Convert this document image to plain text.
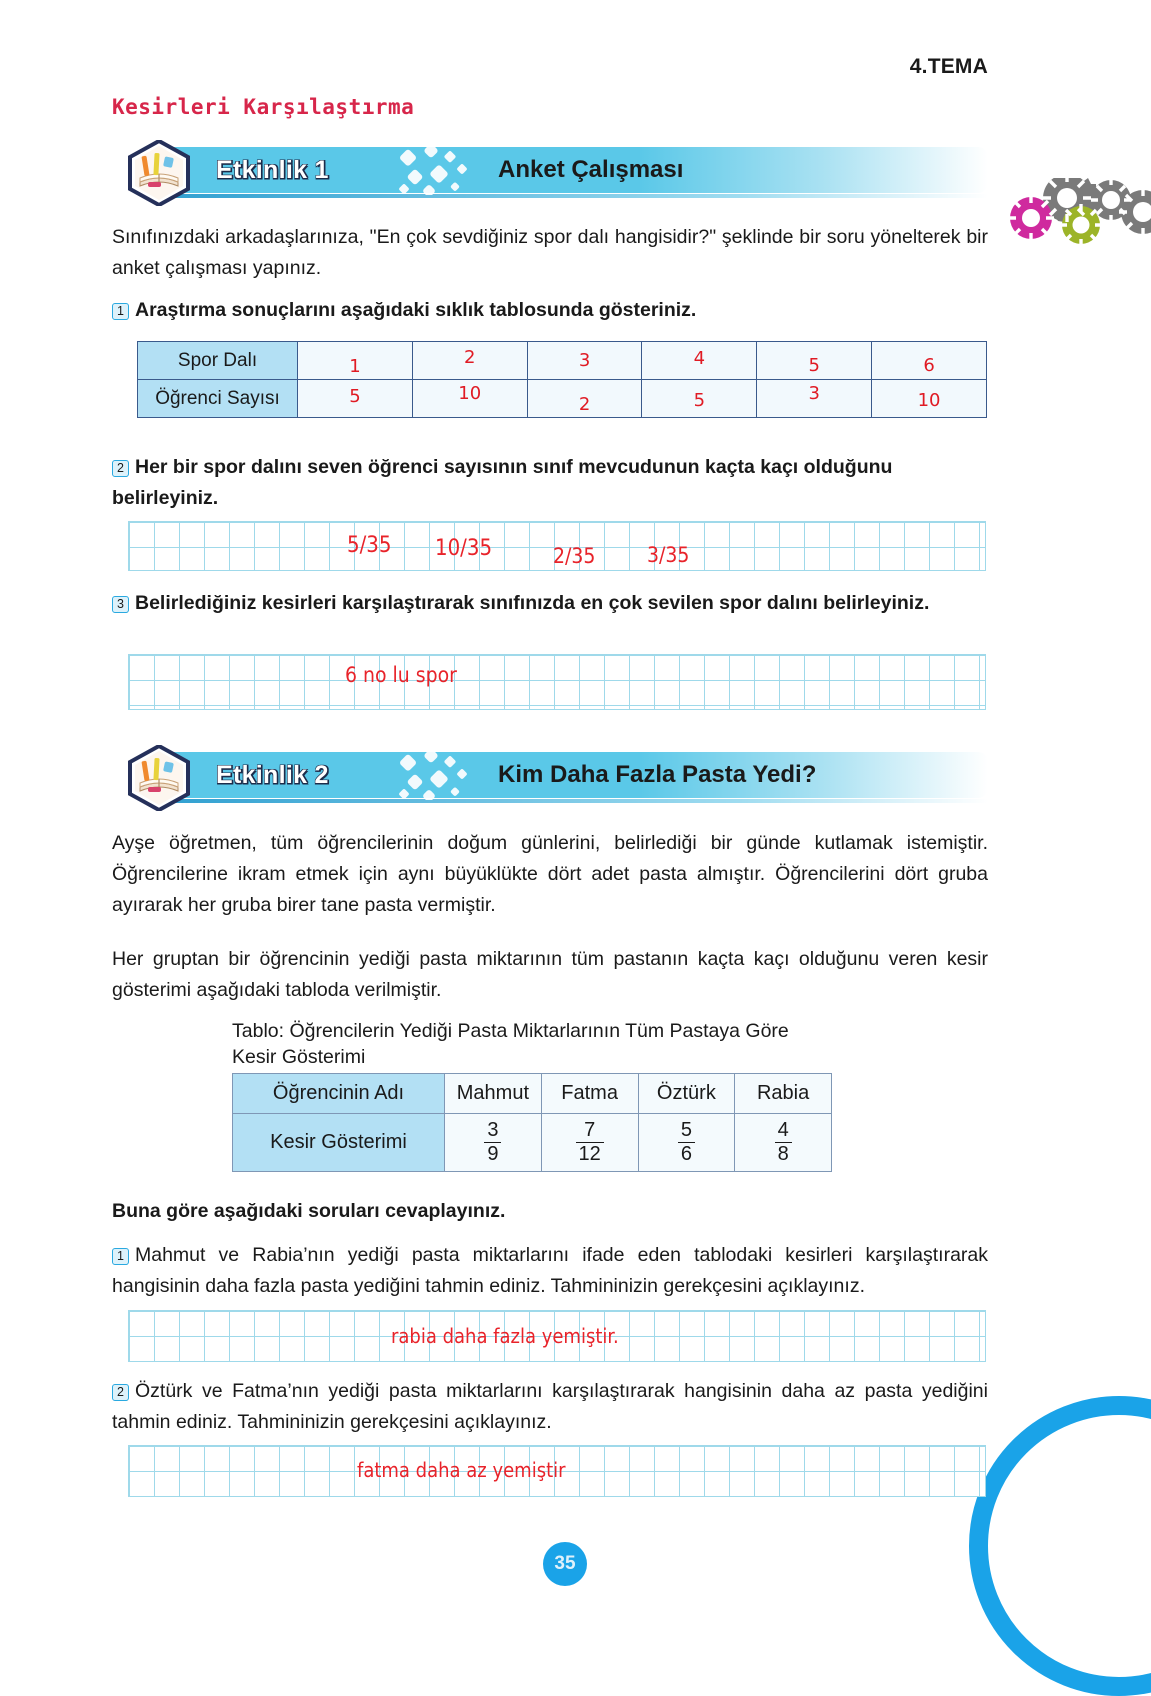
4.TEMA
Kesirleri Karşılaştırma
Etkinlik 1	Anket Çalışması
Sınıfınızdaki arkadaşlarınıza, "En çok sevdiğiniz spor dalı hangisidir?" şeklinde bir soru yönelterek bir anket çalışması yapınız.
1 Araştırma sonuçlarını aşağıdaki sıklık tablosunda gösteriniz.
Spor Dalı	1	2	3	4	5	6
Öğrenci Sayısı	5	10	2	5	3	10
2 Her bir spor dalını seven öğrenci sayısının sınıf mevcudunun kaçta kaçı olduğunu belirleyiniz.
5/35 10/35	2/35 3/35
3 Belirlediğiniz kesirleri karşılaştırarak sınıfınızda en çok sevilen spor dalını belirleyiniz.
6 no lu spor
Etkinlik 2	Kim Daha Fazla Pasta Yedi?
Ayşe öğretmen, tüm öğrencilerinin doğum günlerini, belirlediği bir günde kutlamak istemiştir. Öğrencilerine ikram etmek için aynı büyüklükte dört adet pasta almıştır. Öğrencilerini dört gruba ayırarak her gruba birer tane pasta vermiştir.
Her gruptan bir öğrencinin yediği pasta miktarının tüm pastanın kaçta kaçı olduğunu veren kesir gösterimi aşağıdaki tabloda verilmiştir.
Tablo: Öğrencilerin Yediği Pasta Miktarlarının Tüm Pastaya Göre Kesir Gösterimi
Öğrencinin Adı	Mahmut	Fatma	Öztürk	Rabia
Kesir Gösterimi	$\frac{3}{9}$	$\frac{7}{12}$	$\frac{5}{6}$	$\frac{4}{8}$
Buna göre aşağıdaki soruları cevaplayınız.
1 Mahmut ve Rabia’nın yediği pasta miktarlarını ifade eden tablodaki kesirleri karşılaştırarak hangisinin daha fazla pasta yediğini tahmin ediniz. Tahmininizin gerekçesini açıklayınız.
rabia daha fazla yemiştir.
2 Öztürk ve Fatma’nın yediği pasta miktarlarını karşılaştırarak hangisinin daha az pasta yediğini tahmin ediniz. Tahmininizin gerekçesini açıklayınız.
fatma daha az yemiştir
35
